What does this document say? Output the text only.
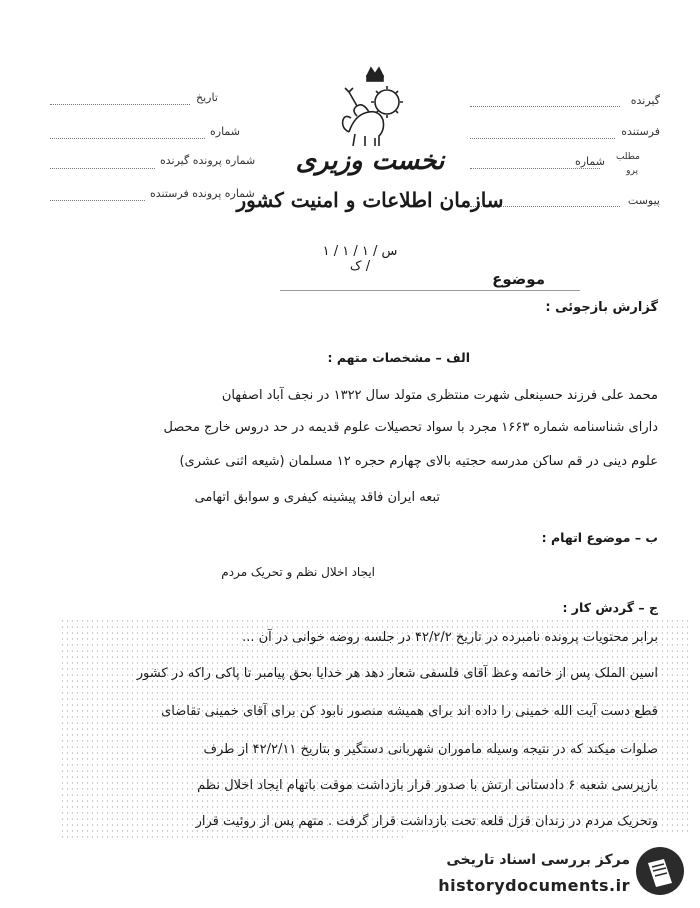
تاریخ
شماره
شماره پرونده گیرنده
شماره پرونده فرستنده
گیرنده
فرستنده
شماره مطلب
پرو
پیوست
نخست وزیری
سازمان اطلاعات و امنیت کشور
س / ۱ / ۱ / ۱ / ک
موضوع
گزارش بازجوئی :
الف – مشخصات متهم :
محمد علی فرزند حسینعلی شهرت منتظری متولد سال ۱۳۲۲ در نجف آباد اصفهان
دارای شناسنامه شماره ۱۶۶۳ مجرد با سواد تحصیلات علوم قدیمه در حد دروس خارج محصل
علوم دینی در قم ساکن مدرسه حجتیه بالای چهارم حجره ۱۲ مسلمان (شیعه اثنی عشری)
تبعه ایران فاقد پیشینه کیفری و سوابق اتهامی
ب – موضوع اتهام :
ایجاد اخلال نظم و تحریک مردم
ج – گردش کار :
برابر محتویات پرونده نامبرده در تاریخ ۴۲/۲/۲ در جلسه روضه خوانی در آن ...
اسین الملک پس از خاتمه وعظ آقای فلسفی شعار دهد هر خدایا بحق پیامبر تا پاکی راکه در کشور
قطع دست آیت الله خمینی را داده اند برای همیشه منصور نابود کن برای آقای خمینی تقاضای
صلوات میکند که در نتیجه وسیله ماموران شهربانی دستگیر و بتاریخ ۴۲/۲/۱۱ از طرف
بازپرسی شعبه ۶ دادستانی ارتش با صدور قرار بازداشت موقت باتهام ایجاد اخلال نظم
وتحریک مردم در زندان قزل قلعه تحت بازداشت قرار گرفت . متهم پس از روئیت قرار
مرکز بررسی اسناد تاریخی
historydocuments.ir
